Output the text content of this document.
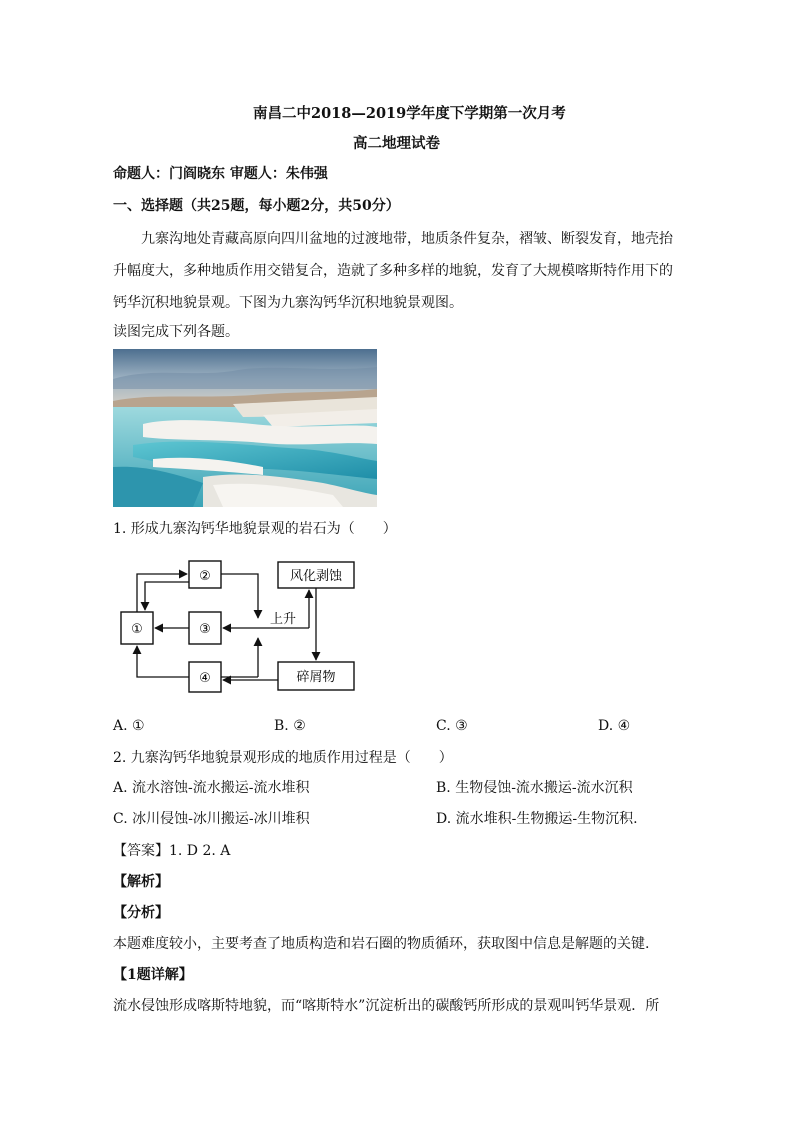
南昌二中2018—2019学年度下学期第一次月考
高二地理试卷
命题人：门阎晓东 审题人：朱伟强
一、选择题（共25题，每小题2分，共50分）
九寨沟地处青藏高原向四川盆地的过渡地带，地质条件复杂，褶皱、断裂发育，地壳抬
升幅度大，多种地质作用交错复合，造就了多种多样的地貌，发育了大规模喀斯特作用下的
钙华沉积地貌景观。下图为九寨沟钙华沉积地貌景观图。
读图完成下列各题。
1. 形成九寨沟钙华地貌景观的岩石为（　　）
①
②
③
④
风化剥蚀
上升
碎屑物
A. ①	B. ②	C. ③	D. ④
2. 九寨沟钙华地貌景观形成的地质作用过程是（　　）
A. 流水溶蚀-流水搬运-流水堆积	B. 生物侵蚀-流水搬运-流水沉积
C. 冰川侵蚀-冰川搬运-冰川堆积	D. 流水堆积-生物搬运-生物沉积.
【答案】1. D 2. A
【解析】
【分析】
本题难度较小，主要考查了地质构造和岩石圈的物质循环，获取图中信息是解题的关键.
【1题详解】
流水侵蚀形成喀斯特地貌，而“喀斯特水”沉淀析出的碳酸钙所形成的景观叫钙华景观．所
